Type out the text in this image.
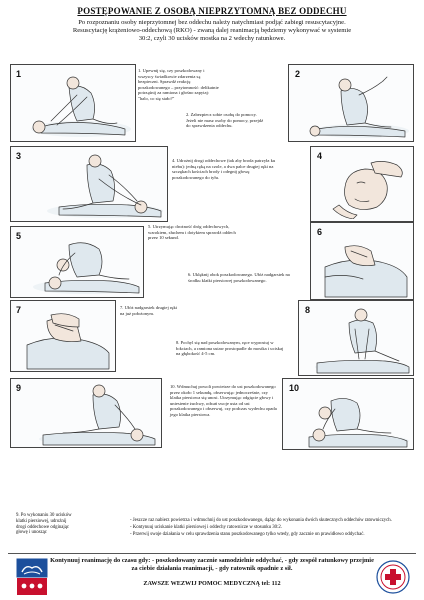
POSTĘPOWANIE Z OSOBĄ NIEPRZYTOMNĄ BEZ ODDECHU

Po rozpoznaniu osoby nieprzytomnej bez oddechu należy natychmiast podjąć zabiegi resuscytacyjne.

Resuscytację krążeniowo-oddechową (RKO) - zwaną dalej reanimacją będziemy wykonywać w systemie

30:2, czyli 30 ucisków mostka na 2 wdechy ratunkowe.

1	1. Upewnij się, czy poszkodowany i wszyscy świadkowie zdarzenia są bezpieczni. Sprawdź reakcję poszkodowanego – przytomność: delikatnie potrząśnij za ramiona i głośno zapytaj: "halo, co się stało?"
2. Zabezpiecz sobie osobę do pomocy. Jeżeli nie masz osoby do pomocy, przejdź do sprawdzenia oddechu.
2
3	4. Udrożnij drogi oddechowe (tak aby broda patrzyła ku niebu): jedną ręką na czole, a dwa palce drugiej ręki na szczękach kościach brody i odegnij głowę poszkodowanego do tyłu.
4
5
5. Utrzymując drożność dróg oddechowych, wzrokiem, słuchem i dotykiem sprawdź oddech przez 10 sekund.
6. Uklęknij obok poszkodowanego. Ułóż nadgarstek na środku klatki piersiowej poszkodowanego.
6
7	7. Ułóż nadgarstek drugiej ręki na już położonym.
8. Pochyl się nad poszkodowanym, ręce wyprostuj w łokciach, a ramiona ustaw prostopadle do mostka i uciskaj na głębokość 4-5 cm.
8
9	10. Wdmuchuj powoli powietrze do ust poszkodowanego przez około 1 sekundę, obserwując jednocześnie, czy klatka piersiowa się unosi. Utrzymując odgięcie głowy i uniesienie żuchwy, odsuń swoje usta od ust poszkodowanego i obserwuj, czy podczas wydechu opada jego klatka piersiowa.
10
9. Po wykonaniu 30 ucisków klatki piersiowej, udrożnij drogi oddechowe odginając głowę i unosząc
- Jeszcze raz nabierz powietrza i wdmuchnij do ust poszkodowanego, dążąc do wykonania dwóch skutecznych oddechów ratowniczych.
- Kontynuuj uciskanie klatki piersiowej i oddechy ratownicze w stosunku 30:2.
- Przerwij swoje działania w celu sprawdzenia stanu poszkodowanego tylko wtedy, gdy zacznie on prawidłowo oddychać.
Kontynuuj reanimację do czasu gdy: - poszkodowany zacznie samodzielnie oddychać, - gdy zespół ratunkowy przejmie
za ciebie działania reanimacji, - gdy ratownik opadnie z sił.
ZAWSZE WEZWIJ POMOC MEDYCZNĄ tel: 112
